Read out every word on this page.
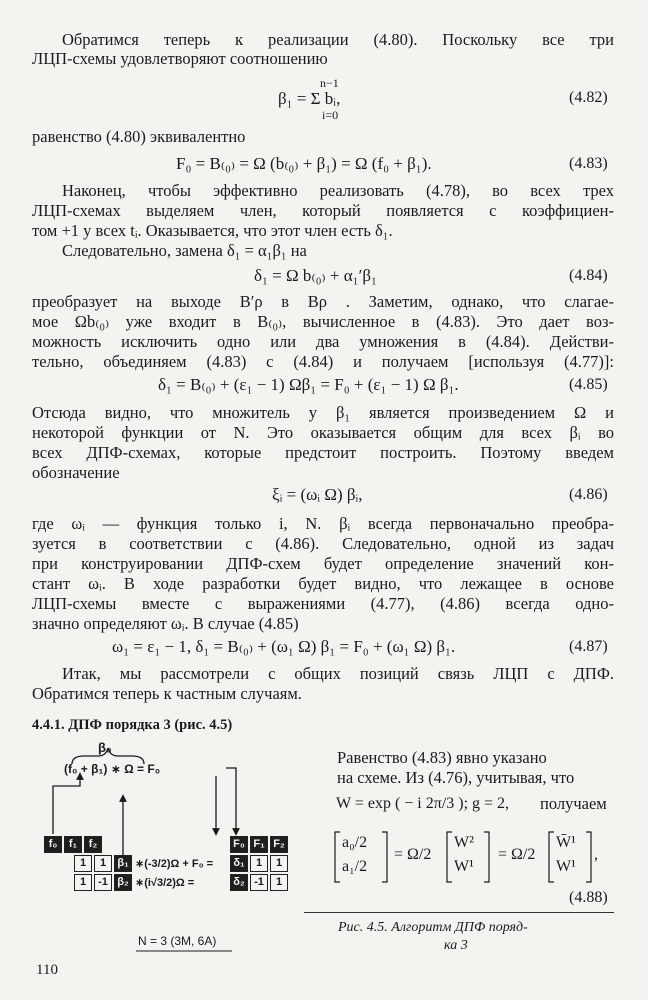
Обратимся теперь к реализации (4.80). Поскольку все три
ЛЦП-схемы удовлетворяют соотношению
n−1
β₁ = Σ bᵢ,
i=0
(4.82)
равенство (4.80) эквивалентно
F₀ = B₍₀₎ = Ω (b₍₀₎ + β₁) = Ω (f₀ + β₁).	(4.83)
Наконец, чтобы эффективно реализовать (4.78), во всех трех
ЛЦП-схемах выделяем член, который появляется с коэффициен-
том +1 у всех tᵢ. Оказывается, что этот член есть δ₁.
Следовательно, замена δ₁ = α₁β₁ на
δ₁ = Ω b₍₀₎ + α₁′β₁	(4.84)
преобразует на выходе B′ρ в Bρ . Заметим, однако, что слагае-
мое Ωb₍₀₎ уже входит в B₍₀₎, вычисленное в (4.83). Это дает воз-
можность исключить одно или два умножения в (4.84). Действи-
тельно, объединяем (4.83) с (4.84) и получаем [используя (4.77)]:
δ₁ = B₍₀₎ + (ε₁ − 1) Ωβ₁ = F₀ + (ε₁ − 1) Ω β₁.	(4.85)
Отсюда видно, что множитель у β₁ является произведением Ω и
некоторой функции от N. Это оказывается общим для всех βᵢ во
всех ДПФ-схемах, которые предстоит построить. Поэтому введем
обозначение
ξᵢ = (ωᵢ Ω) βᵢ,	(4.86)
где ωᵢ — функция только i, N. βᵢ всегда первоначально преобра-
зуется в соответствии с (4.86). Следовательно, одной из задач
при конструировании ДПФ-схем будет определение значений кон-
стант ωᵢ. В ходе разработки будет видно, что лежащее в основе
ЛЦП-схемы вместе с выражениями (4.77), (4.86) всегда одно-
значно определяют ωᵢ. В случае (4.85)
ω₁ = ε₁ − 1, δ₁ = B₍₀₎ + (ω₁ Ω) β₁ = F₀ + (ω₁ Ω) β₁.	(4.87)
Итак, мы рассмотрели с общих позиций связь ЛЦП с ДПФ.
Обратимся теперь к частным случаям.
4.4.1. ДПФ порядка 3 (рис. 4.5)
Равенство (4.83) явно указано
на схеме. Из (4.76), учитывая, что
W = exp ( − i 2π/3 ); g = 2, получаем
a₀/2
a₁/2
= Ω/2
W²
W¹
= Ω/2
W̄¹
W¹
,
(4.88)
Рис. 4.5. Алгоритм ДПФ поряд-
ка 3
β₀
(f₀ + β₁) ∗ Ω = F₀
f₀	f₁	f₂
1	1	β₁
1	-1 β₂
∗(-3/2)Ω + F₀ =
∗(i√3/2)Ω =
F₀ F₁ F₂
δ₁	1	1
δ₂ -1	1
N = 3 (3M, 6A)
110
